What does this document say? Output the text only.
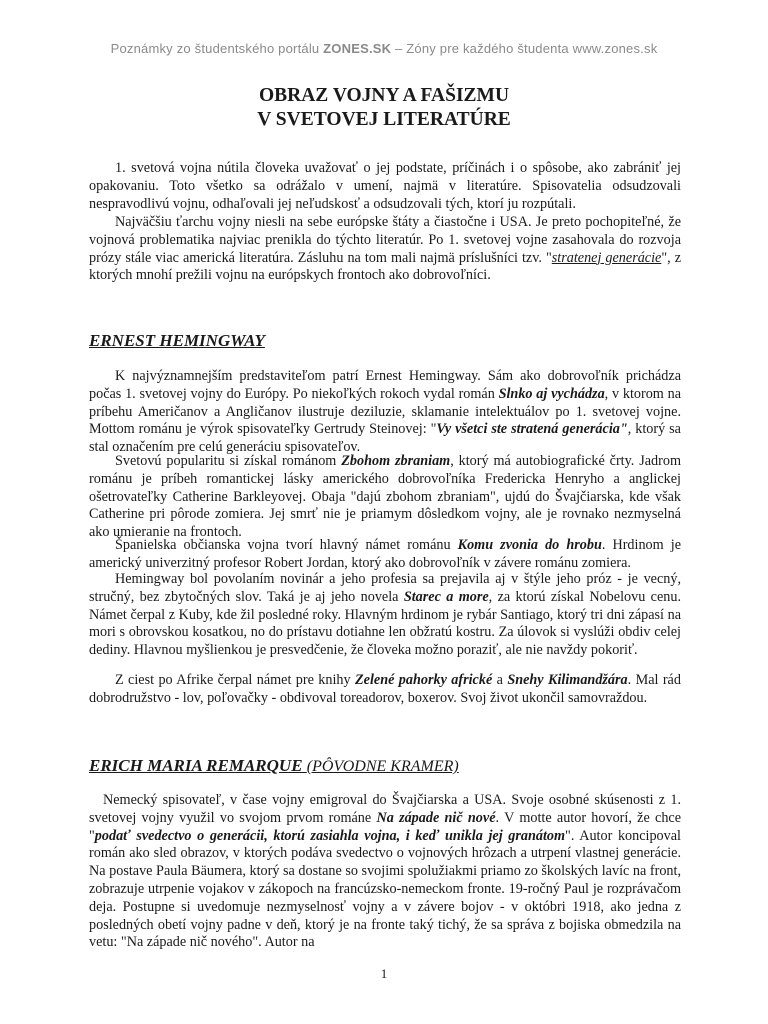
Poznámky zo študentského portálu ZONES.SK – Zóny pre každého študenta www.zones.sk
OBRAZ VOJNY A FAŠIZMU
V SVETOVEJ LITERATÚRE

1. svetová vojna nútila človeka uvažovať o jej podstate, príčinách i o spôsobe, ako zabrániť jej opakovaniu. Toto všetko sa odrážalo v umení, najmä v literatúre. Spisovatelia odsudzovali nespravodlivú vojnu, odhaľovali jej neľudskosť a odsudzovali tých, ktorí ju rozpútali.

Najväčšiu ťarchu vojny niesli na sebe európske štáty a čiastočne i USA. Je preto pochopiteľné, že vojnová problematika najviac prenikla do týchto literatúr. Po 1. svetovej vojne zasahovala do rozvoja prózy stále viac americká literatúra. Zásluhu na tom mali najmä príslušníci tzv. "stratenej generácie", z ktorých mnohí prežili vojnu na európskych frontoch ako dobrovoľníci.

ERNEST HEMINGWAY

K najvýznamnejším predstaviteľom patrí Ernest Hemingway. Sám ako dobrovoľník prichádza počas 1. svetovej vojny do Európy. Po niekoľkých rokoch vydal román Slnko aj vychádza, v ktorom na príbehu Američanov a Angličanov ilustruje deziluzie, sklamanie intelektuálov po 1. svetovej vojne. Mottom románu je výrok spisovateľky Gertrudy Steinovej: "Vy všetci ste stratená generácia", ktorý sa stal označením pre celú generáciu spisovateľov.

Svetovú popularitu si získal románom Zbohom zbraniam, ktorý má autobiografické črty. Jadrom románu je príbeh romantickej lásky amerického dobrovoľníka Fredericka Henryho a anglickej ošetrovateľky Catherine Barkleyovej. Obaja "dajú zbohom zbraniam", ujdú do Švajčiarska, kde však Catherine pri pôrode zomiera. Jej smrť nie je priamym dôsledkom vojny, ale je rovnako nezmyselná ako umieranie na frontoch.

Španielska občianska vojna tvorí hlavný námet románu Komu zvonia do hrobu. Hrdinom je americký univerzitný profesor Robert Jordan, ktorý ako dobrovoľník v závere románu zomiera.

Hemingway bol povolaním novinár a jeho profesia sa prejavila aj v štýle jeho próz - je vecný, stručný, bez zbytočných slov. Taká je aj jeho novela Starec a more, za ktorú získal Nobelovu cenu. Námet čerpal z Kuby, kde žil posledné roky. Hlavným hrdinom je rybár Santiago, ktorý tri dni zápasí na mori s obrovskou kosatkou, no do prístavu dotiahne len obžratú kostru. Za úlovok si vyslúži obdiv celej dediny. Hlavnou myšlienkou je presvedčenie, že človeka možno poraziť, ale nie navždy pokoriť.

Z ciest po Afrike čerpal námet pre knihy Zelené pahorky africké a Snehy Kilimandžára. Mal rád dobrodružstvo - lov, poľovačky - obdivoval toreadorov, boxerov. Svoj život ukončil samovraždou.

ERICH MARIA REMARQUE (PÔVODNE KRAMER)

Nemecký spisovateľ, v čase vojny emigroval do Švajčiarska a USA. Svoje osobné skúsenosti z 1. svetovej vojny využil vo svojom prvom románe Na západe nič nové. V motte autor hovorí, že chce "podať svedectvo o generácii, ktorú zasiahla vojna, i keď unikla jej granátom". Autor koncipoval román ako sled obrazov, v ktorých podáva svedectvo o vojnových hrôzach a utrpení vlastnej generácie. Na postave Paula Bäumera, ktorý sa dostane so svojimi spolužiakmi priamo zo školských lavíc na front, zobrazuje utrpenie vojakov v zákopoch na francúzsko-nemeckom fronte. 19-ročný Paul je rozprávačom deja. Postupne si uvedomuje nezmyselnosť vojny a v závere bojov - v októbri 1918, ako jedna z posledných obetí vojny padne v deň, ktorý je na fronte taký tichý, že sa správa z bojiska obmedzila na vetu: "Na západe nič nového". Autor na

1
